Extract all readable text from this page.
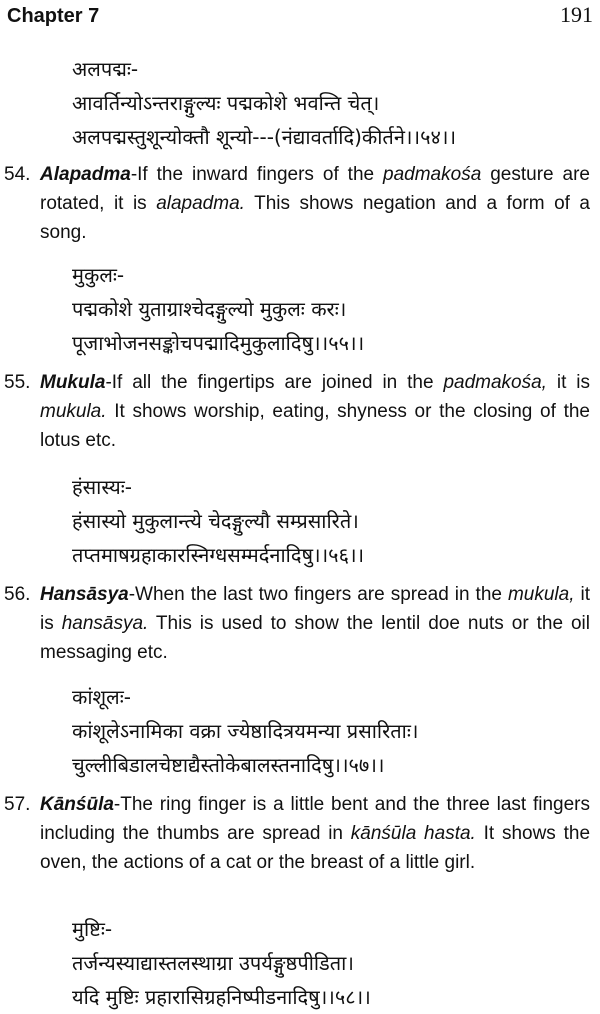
Chapter 7	191
अलपद्मः-
आवर्तिन्योऽन्तराङ्गुल्यः पद्मकोशे भवन्ति चेत्।
अलपद्मस्तुशून्योक्तौ शून्यो---(नंद्यावर्तादि)कीर्तने।।५४।।
54. Alapadma-If the inward fingers of the padmakośa gesture are rotated, it is alapadma. This shows negation and a form of a song.
मुकुलः-
पद्मकोशे युताग्राश्चेदङ्गुल्यो मुकुलः करः।
पूजाभोजनसङ्कोचपद्मादिमुकुलादिषु।।५५।।
55. Mukula-If all the fingertips are joined in the padmakośa, it is mukula. It shows worship, eating, shyness or the closing of the lotus etc.
हंसास्यः-
हंसास्यो मुकुलान्त्ये चेदङ्गुल्यौ सम्प्रसारिते।
तप्तमाषग्रहाकारस्निग्धसम्मर्दनादिषु।।५६।।
56. Hansāsya-When the last two fingers are spread in the mukula, it is hansāsya. This is used to show the lentil doe nuts or the oil messaging etc.
कांशूलः-
कांशूलेऽनामिका वक्रा ज्येष्ठादित्रयमन्या प्रसारिताः।
चुल्लीबिडालचेष्टाद्यैस्तोकेबालस्तनादिषु।।५७।।
57. Kānśūla-The ring finger is a little bent and the three last fingers including the thumbs are spread in kānśūla hasta. It shows the oven, the actions of a cat or the breast of a little girl.
मुष्टिः-
तर्जन्यस्याद्यास्तलस्थाग्रा उपर्यङ्गुष्ठपीडिता।
यदि मुष्टिः प्रहारासिग्रहनिष्पीडनादिषु।।५८।।
